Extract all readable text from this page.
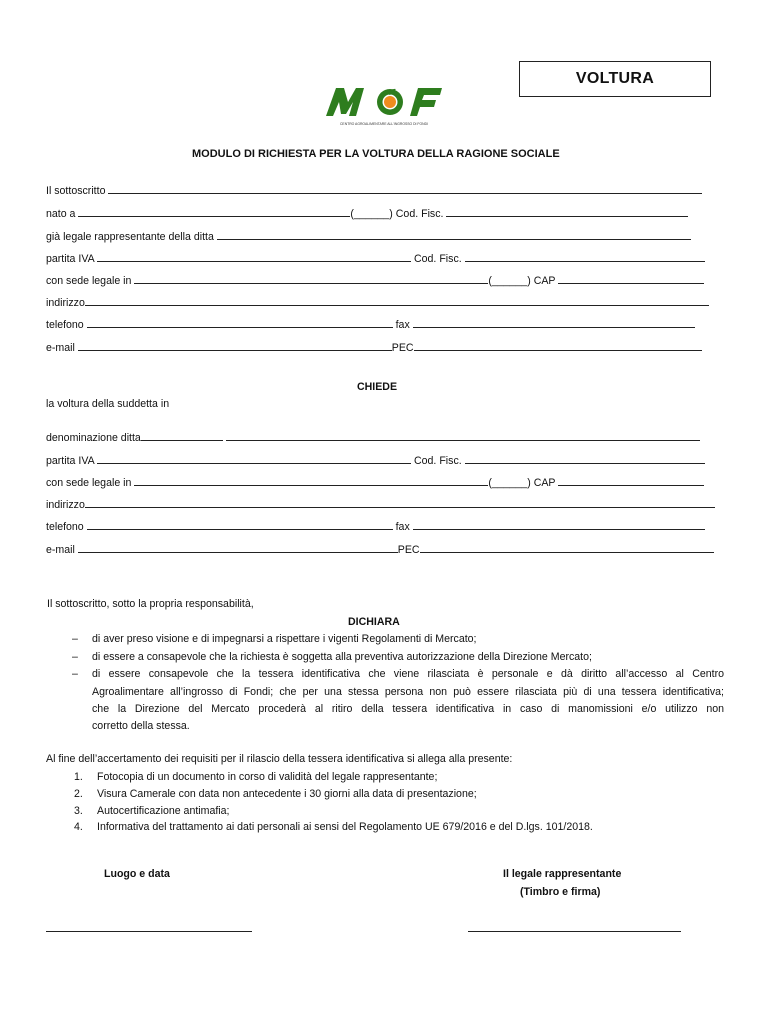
VOLTURA
CENTRO AGROALIMENTARE ALL'INGROSSO DI FONDI
MODULO DI RICHIESTA PER LA VOLTURA DELLA RAGIONE SOCIALE
Il sottoscritto
nato a	(______) Cod. Fisc.
già legale rappresentante della ditta
partita IVA	Cod. Fisc.
con sede legale in	(______) CAP
indirizzo
telefono	fax
e-mail	PEC
CHIEDE
la voltura della suddetta in
denominazione ditta
partita IVA	Cod. Fisc.
con sede legale in	(______) CAP
indirizzo
telefono	fax
e-mail	PEC
Il sottoscritto, sotto la propria responsabilità,
DICHIARA
– di aver preso visione e di impegnarsi a rispettare i vigenti Regolamenti di Mercato;
– di essere a consapevole che la richiesta è soggetta alla preventiva autorizzazione della Direzione Mercato;
– di essere consapevole che la tessera identificativa che viene rilasciata è personale e dà diritto all’accesso al Centro
Agroalimentare all’ingrosso di Fondi; che per una stessa persona non può essere rilasciata più di una tessera identificativa;
che la Direzione del Mercato procederà al ritiro della tessera identificativa in caso di manomissioni e/o utilizzo non
corretto della stessa.
Al fine dell’accertamento dei requisiti per il rilascio della tessera identificativa si allega alla presente:
1. Fotocopia di un documento in corso di validità del legale rappresentante;
2. Visura Camerale con data non antecedente i 30 giorni alla data di presentazione;
3. Autocertificazione antimafia;
4. Informativa del trattamento ai dati personali ai sensi del Regolamento UE 679/2016 e del D.lgs. 101/2018.
Luogo e data	Il legale rappresentante
(Timbro e firma)
